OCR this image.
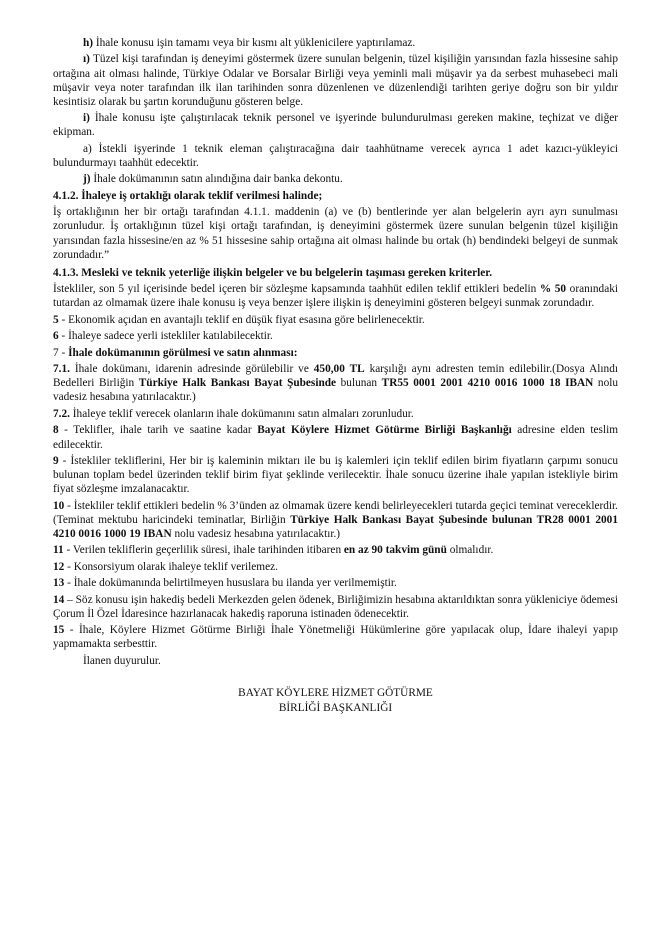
h) İhale konusu işin tamamı veya bir kısmı alt yüklenicilere yaptırılamaz.

ı) Tüzel kişi tarafından iş deneyimi göstermek üzere sunulan belgenin, tüzel kişiliğin yarısından fazla hissesine sahip ortağına ait olması halinde, Türkiye Odalar ve Borsalar Birliği veya yeminli mali müşavir ya da serbest muhasebeci mali müşavir veya noter tarafından ilk ilan tarihinden sonra düzenlenen ve düzenlendiği tarihten geriye doğru son bir yıldır kesintisiz olarak bu şartın korunduğunu gösteren belge.

i) İhale konusu işte çalıştırılacak teknik personel ve işyerinde bulundurulması gereken makine, teçhizat ve diğer ekipman.

a) İstekli işyerinde 1 teknik eleman çalıştıracağına dair taahhütname verecek ayrıca 1 adet kazıcı-yükleyici bulundurmayı taahhüt edecektir.

j) İhale dokümanının satın alındığına dair banka dekontu.

4.1.2. İhaleye iş ortaklığı olarak teklif verilmesi halinde;

İş ortaklığının her bir ortağı tarafından 4.1.1. maddenin (a) ve (b) bentlerinde yer alan belgelerin ayrı ayrı sunulması zorunludur. İş ortaklığının tüzel kişi ortağı tarafından, iş deneyimini göstermek üzere sunulan belgenin tüzel kişiliğin yarısından fazla hissesine/en az % 51 hissesine sahip ortağına ait olması halinde bu ortak (h) bendindeki belgeyi de sunmak zorundadır.”

4.1.3. Mesleki ve teknik yeterliğe ilişkin belgeler ve bu belgelerin taşıması gereken kriterler.

İstekliler, son 5 yıl içerisinde bedel içeren bir sözleşme kapsamında taahhüt edilen teklif ettikleri bedelin % 50 oranındaki tutardan az olmamak üzere ihale konusu iş veya benzer işlere ilişkin iş deneyimini gösteren belgeyi sunmak zorundadır.

5 - Ekonomik açıdan en avantajlı teklif en düşük fiyat esasına göre belirlenecektir.

6 - İhaleye sadece yerli istekliler katılabilecektir.

7 - İhale dokümanının görülmesi ve satın alınması:

7.1. İhale dokümanı, idarenin adresinde görülebilir ve 450,00 TL karşılığı aynı adresten temin edilebilir.(Dosya Alındı Bedelleri Birliğin Türkiye Halk Bankası Bayat Şubesinde bulunan TR55 0001 2001 4210 0016 1000 18 IBAN nolu vadesiz hesabına yatırılacaktır.)

7.2. İhaleye teklif verecek olanların ihale dokümanını satın almaları zorunludur.

8 - Teklifler, ihale tarih ve saatine kadar Bayat Köylere Hizmet Götürme Birliği Başkanlığı adresine elden teslim edilecektir.

9 - İstekliler tekliflerini, Her bir iş kaleminin miktarı ile bu iş kalemleri için teklif edilen birim fiyatların çarpımı sonucu bulunan toplam bedel üzerinden teklif birim fiyat şeklinde verilecektir. İhale sonucu üzerine ihale yapılan istekliyle birim fiyat sözleşme imzalanacaktır.

10 - İstekliler teklif ettikleri bedelin % 3’ünden az olmamak üzere kendi belirleyecekleri tutarda geçici teminat vereceklerdir. (Teminat mektubu haricindeki teminatlar, Birliğin Türkiye Halk Bankası Bayat Şubesinde bulunan TR28 0001 2001 4210 0016 1000 19 IBAN nolu vadesiz hesabına yatırılacaktır.)

11 - Verilen tekliflerin geçerlilik süresi, ihale tarihinden itibaren en az 90 takvim günü olmalıdır.

12 - Konsorsiyum olarak ihaleye teklif verilemez.

13 - İhale dokümanında belirtilmeyen hususlara bu ilanda yer verilmemiştir.

14 – Söz konusu işin hakediş bedeli Merkezden gelen ödenek, Birliğimizin hesabına aktarıldıktan sonra yükleniciye ödemesi Çorum İl Özel İdaresince hazırlanacak hakediş raporuna istinaden ödenecektir.

15 - İhale, Köylere Hizmet Götürme Birliği İhale Yönetmeliği Hükümlerine göre yapılacak olup, İdare ihaleyi yapıp yapmamakta serbesttir.

İlanen duyurulur.

BAYAT KÖYLERE HİZMET GÖTÜRME
BİRLİĞİ BAŞKANLIĞI
